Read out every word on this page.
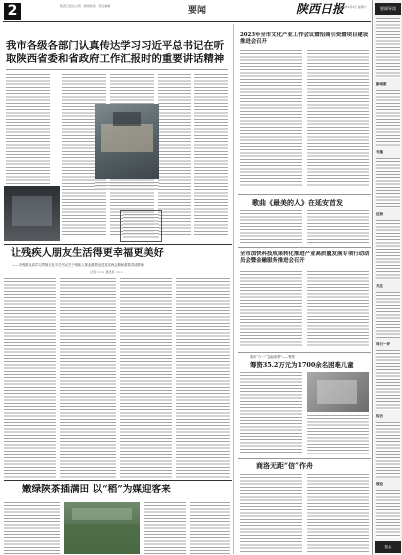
2	陕西日报社主管 · 新闻热线 · 责任编辑	要闻	陕西日报
2023年3月4日 星期六
我市各级各部门认真传达学习习近平总书记在听取陕西省委和省政府工作汇报时的重要讲话精神
2023年全市文化产业工作会议暨招商引资暨项目建设推进会召开
歌曲《最美的人》在延安首发
全市加快科技成果转化推进产业高质量发展专项行动动员会暨金融服务推进会召开
我市“六一”“益起助梦”——筹资
筹资35.2万元为1700余名困难儿童
商洛无距“信”作舟
让残疾人朋友生活得更幸福更美好
——市残联认真学习贯彻习近平总书记关于残疾人事业重要论述及其两会期间重要讲话精神
记者 ××× 通讯员 ×××
嫩绿陕茶插满田 以“稻”为媒迎客来
要闻导读
新闻眼
专题
法治
关注
每日一评
综合
理论
报头
